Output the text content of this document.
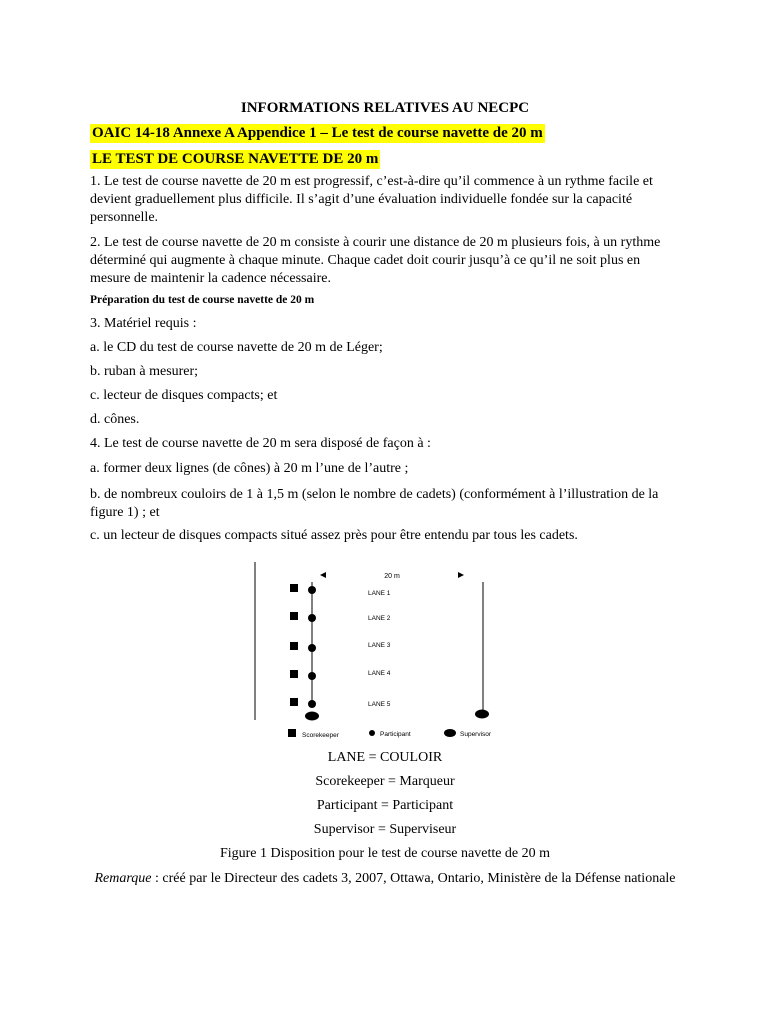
INFORMATIONS RELATIVES AU NECPC
OAIC 14-18 Annexe A Appendice 1 – Le test de course navette de 20 m
LE TEST DE COURSE NAVETTE DE 20 m
1. Le test de course navette de 20 m est progressif, c’est-à-dire qu’il commence à un rythme facile et devient graduellement plus difficile. Il s’agit d’une évaluation individuelle fondée sur la capacité personnelle.
2. Le test de course navette de 20 m consiste à courir une distance de 20 m plusieurs fois, à un rythme déterminé qui augmente à chaque minute. Chaque cadet doit courir jusqu’à ce qu’il ne soit plus en mesure de maintenir la cadence nécessaire.
Préparation du test de course navette de 20 m
3. Matériel requis :
a. le CD du test de course navette de 20 m de Léger;
b. ruban à mesurer;
c. lecteur de disques compacts; et
d. cônes.
4. Le test de course navette de 20 m sera disposé de façon à :
a. former deux lignes (de cônes) à 20 m l’une de l’autre ;
b. de nombreux couloirs de 1 à 1,5 m (selon le nombre de cadets) (conformément à l’illustration de la figure 1) ; et
c. un lecteur de disques compacts situé assez près pour être entendu par tous les cadets.
20 m
LANE 1
LANE 2
LANE 3
LANE 4
LANE 5
Scorekeeper	Participant	Supervisor
LANE = COULOIR
Scorekeeper = Marqueur
Participant = Participant
Supervisor = Superviseur
Figure 1 Disposition pour le test de course navette de 20 m
Remarque : créé par le Directeur des cadets 3, 2007, Ottawa, Ontario, Ministère de la Défense nationale
